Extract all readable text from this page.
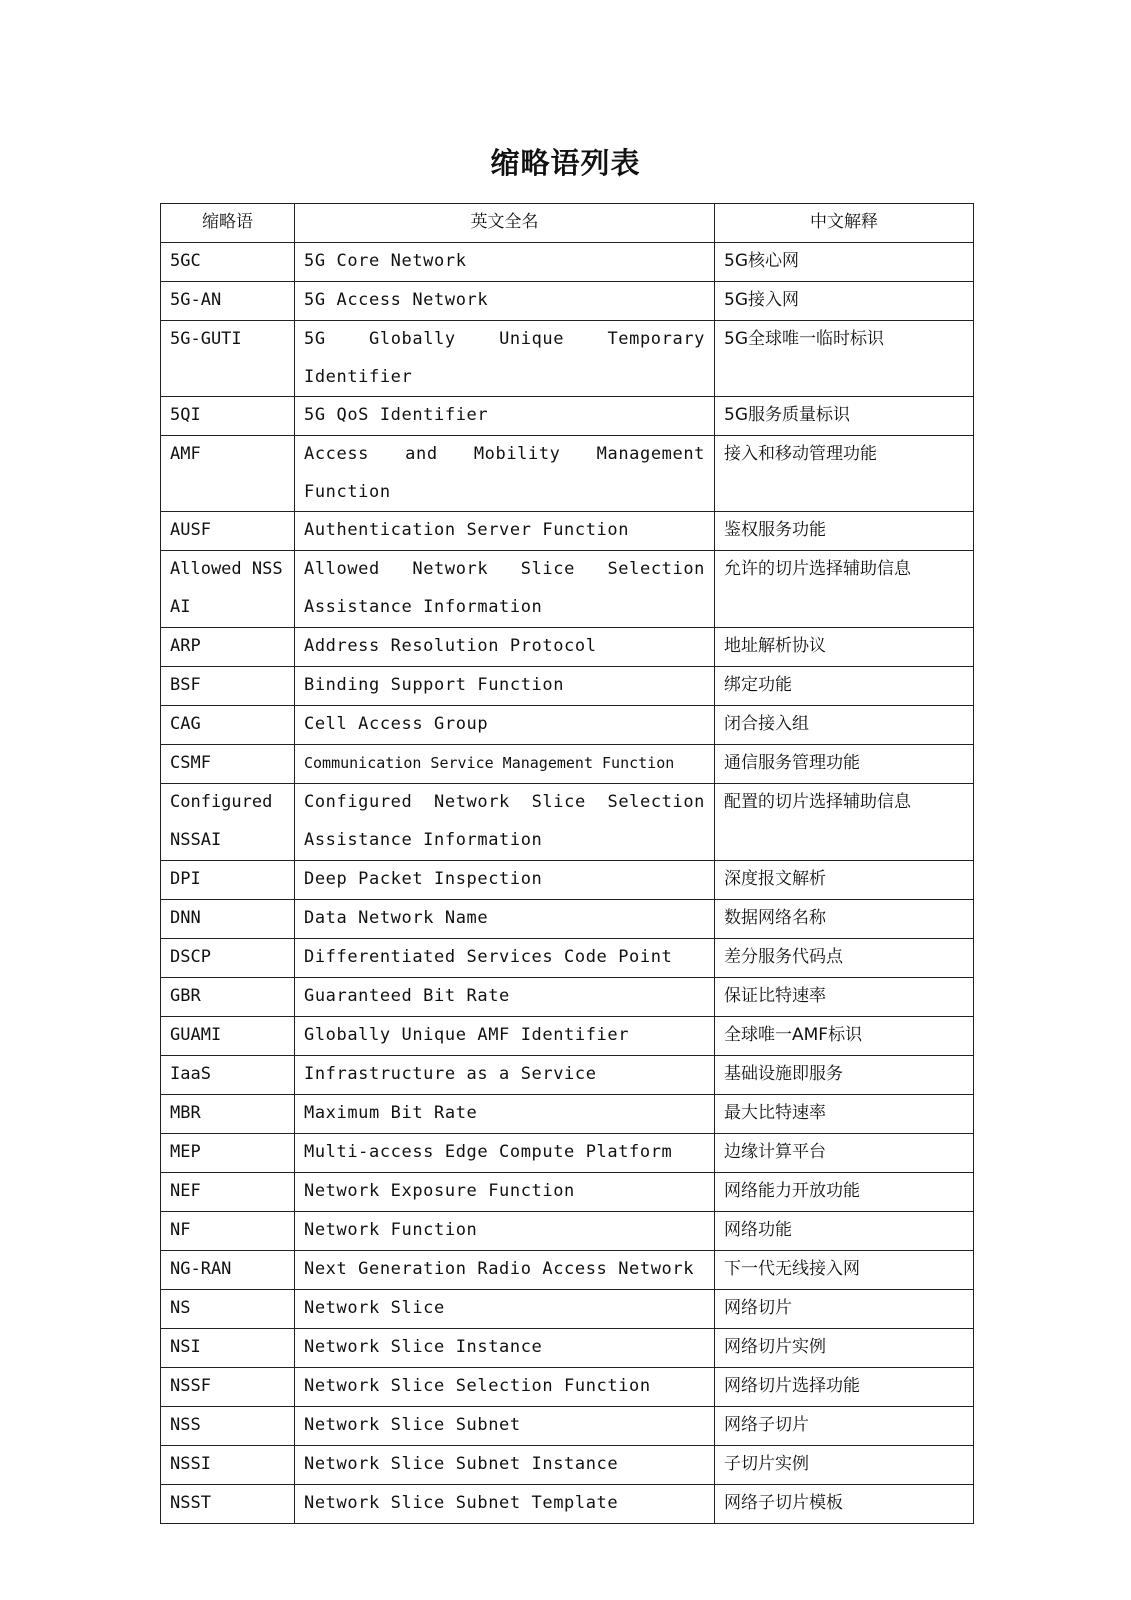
缩略语列表
缩略语	英文全名	中文解释
5GC	5G Core Network	5G核心网
5G-AN	5G Access Network	5G接入网
5G-GUTI	5G Globally Unique Temporary Identifier	5G全球唯一临时标识
5QI	5G QoS Identifier	5G服务质量标识
AMF	Access and Mobility Management Function	接入和移动管理功能
AUSF	Authentication Server Function	鉴权服务功能
Allowed NSSAI	Allowed Network Slice Selection Assistance Information	允许的切片选择辅助信息
ARP	Address Resolution Protocol	地址解析协议
BSF	Binding Support Function	绑定功能
CAG	Cell Access Group	闭合接入组
CSMF	Communication Service Management Function	通信服务管理功能
Configured NSSAI	Configured Network Slice Selection Assistance Information	配置的切片选择辅助信息
DPI	Deep Packet Inspection	深度报文解析
DNN	Data Network Name	数据网络名称
DSCP	Differentiated Services Code Point	差分服务代码点
GBR	Guaranteed Bit Rate	保证比特速率
GUAMI	Globally Unique AMF Identifier	全球唯一AMF标识
IaaS	Infrastructure as a Service	基础设施即服务
MBR	Maximum Bit Rate	最大比特速率
MEP	Multi-access Edge Compute Platform	边缘计算平台
NEF	Network Exposure Function	网络能力开放功能
NF	Network Function	网络功能
NG-RAN	Next Generation Radio Access Network	下一代无线接入网
NS	Network Slice	网络切片
NSI	Network Slice Instance	网络切片实例
NSSF	Network Slice Selection Function	网络切片选择功能
NSS	Network Slice Subnet	网络子切片
NSSI	Network Slice Subnet Instance	子切片实例
NSST	Network Slice Subnet Template	网络子切片模板
